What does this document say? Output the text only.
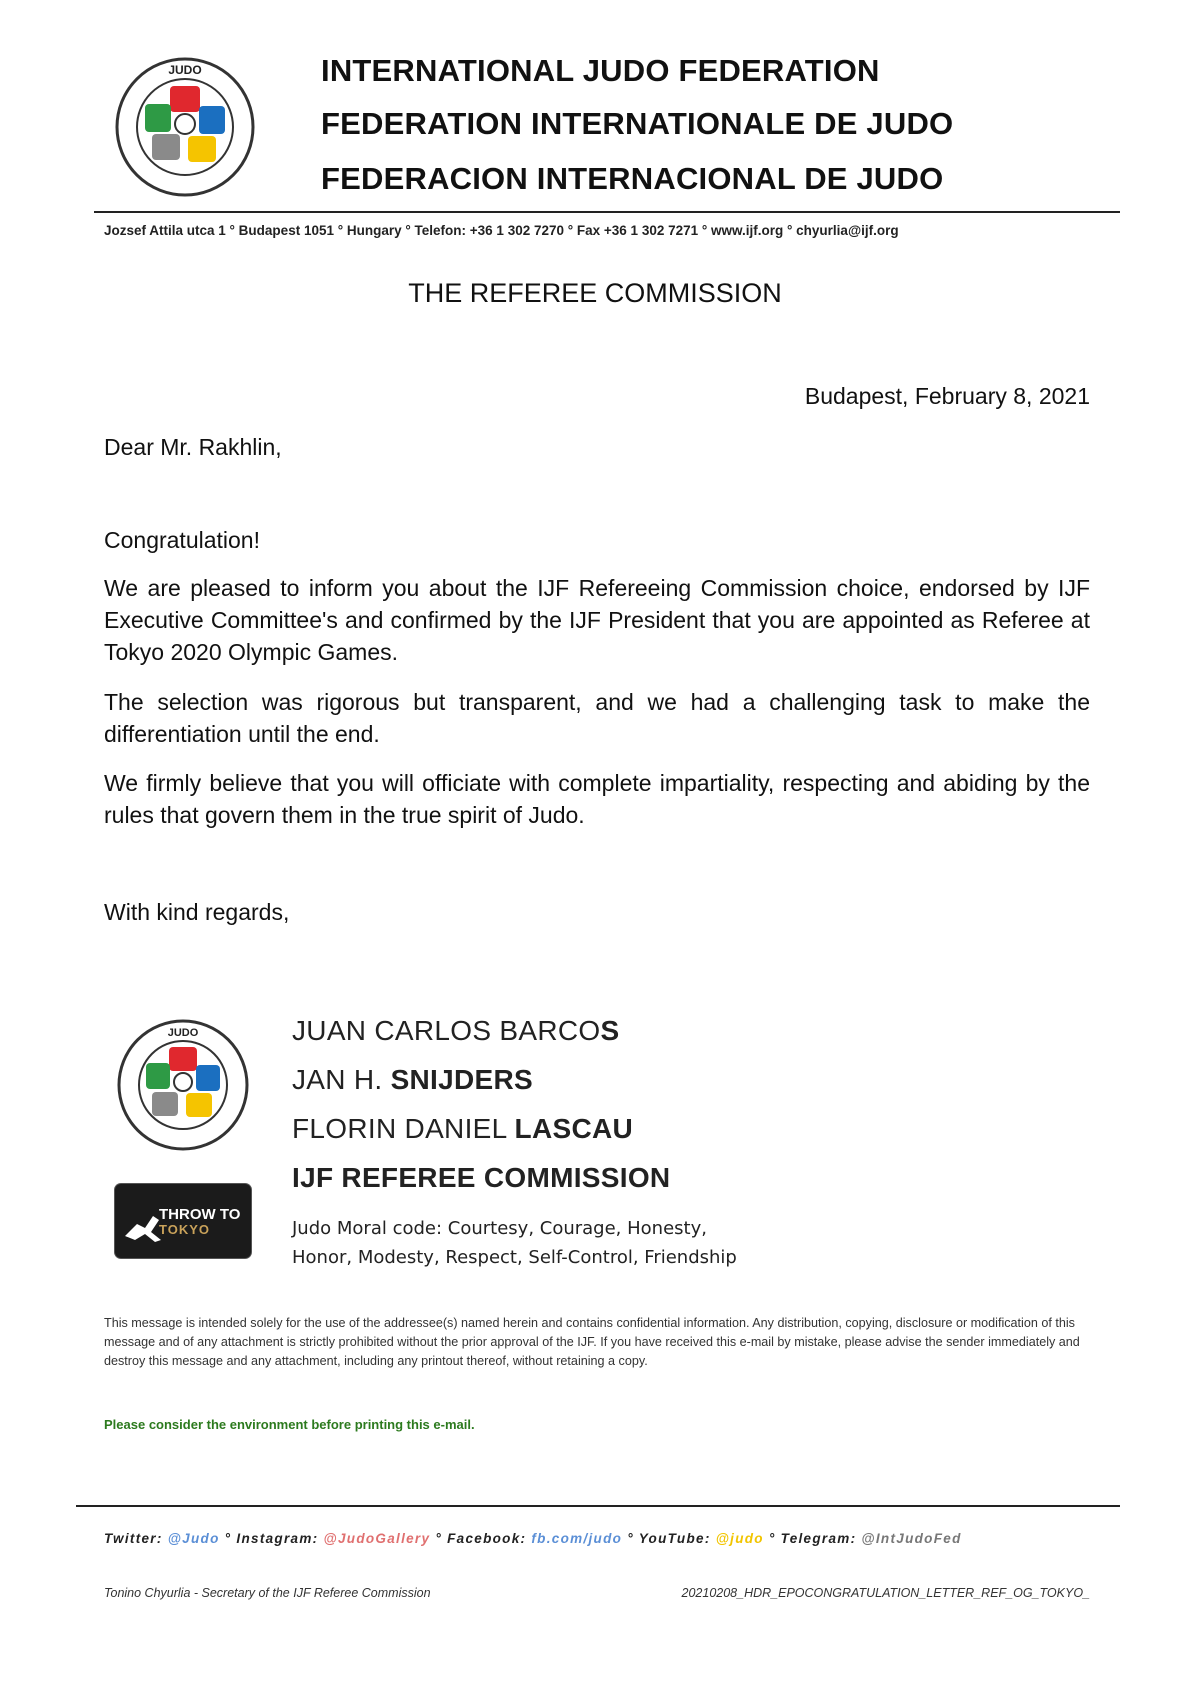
JUDO	INTERNATIONAL JUDO FEDERATION
FEDERATION INTERNATIONALE DE JUDO
FEDERACION INTERNACIONAL DE JUDO
Jozsef Attila utca 1 ° Budapest 1051 ° Hungary ° Telefon: +36 1 302 7270 ° Fax +36 1 302 7271 ° www.ijf.org ° chyurlia@ijf.org
THE REFEREE COMMISSION
Budapest, February 8, 2021
Dear Mr. Rakhlin,
Congratulation!
We are pleased to inform you about the IJF Refereeing Commission choice, endorsed by IJF Executive Committee's and confirmed by the IJF President that you are appointed as Referee at Tokyo 2020 Olympic Games.
The selection was rigorous but transparent, and we had a challenging task to make the differentiation until the end.
We firmly believe that you will officiate with complete impartiality, respecting and abiding by the rules that govern them in the true spirit of Judo.
With kind regards,
JUDO	JUAN CARLOS BARCOS
JAN H. SNIJDERS
FLORIN DANIEL LASCAU
IJF REFEREE COMMISSION
THROW TO
TOKYO	Judo Moral code: Courtesy, Courage, Honesty,
Honor, Modesty, Respect, Self-Control, Friendship
This message is intended solely for the use of the addressee(s) named herein and contains confidential information. Any distribution, copying, disclosure or modification of this message and of any attachment is strictly prohibited without the prior approval of the IJF. If you have received this e-mail by mistake, please advise the sender immediately and destroy this message and any attachment, including any printout thereof, without retaining a copy.
Please consider the environment before printing this e-mail.
Twitter: @Judo ° Instagram: @JudoGallery ° Facebook: fb.com/judo ° YouTube: @judo ° Telegram: @IntJudoFed
Tonino Chyurlia - Secretary of the IJF Referee Commission	20210208_HDR_EPOCONGRATULATION_LETTER_REF_OG_TOKYO_
